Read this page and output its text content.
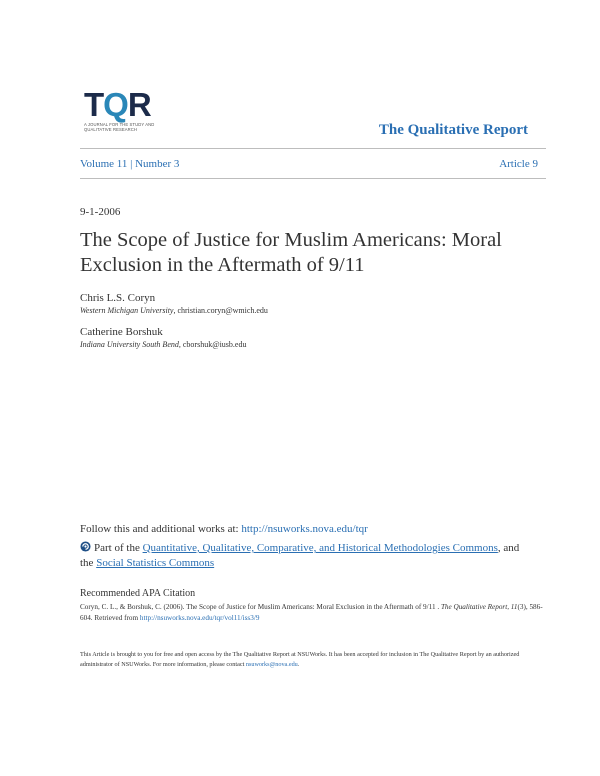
TQR
A JOURNAL FOR THE STUDY AND
QUALITATIVE RESEARCH	The Qualitative Report
Volume 11 | Number 3	Article 9
9-1-2006
The Scope of Justice for Muslim Americans: Moral Exclusion in the Aftermath of 9/11
Chris L.S. Coryn
Western Michigan University, christian.coryn@wmich.edu
Catherine Borshuk
Indiana University South Bend, cborshuk@iusb.edu
Follow this and additional works at: http://nsuworks.nova.edu/tqr
Part of the Quantitative, Qualitative, Comparative, and Historical Methodologies Commons, and
the Social Statistics Commons
Recommended APA Citation
Coryn, C. L., & Borshuk, C. (2006). The Scope of Justice for Muslim Americans: Moral Exclusion in the Aftermath of 9/11 . The Qualitative Report, 11(3), 586-604. Retrieved from http://nsuworks.nova.edu/tqr/vol11/iss3/9
This Article is brought to you for free and open access by the The Qualitative Report at NSUWorks. It has been accepted for inclusion in The Qualitative Report by an authorized administrator of NSUWorks. For more information, please contact nsuworks@nova.edu.
